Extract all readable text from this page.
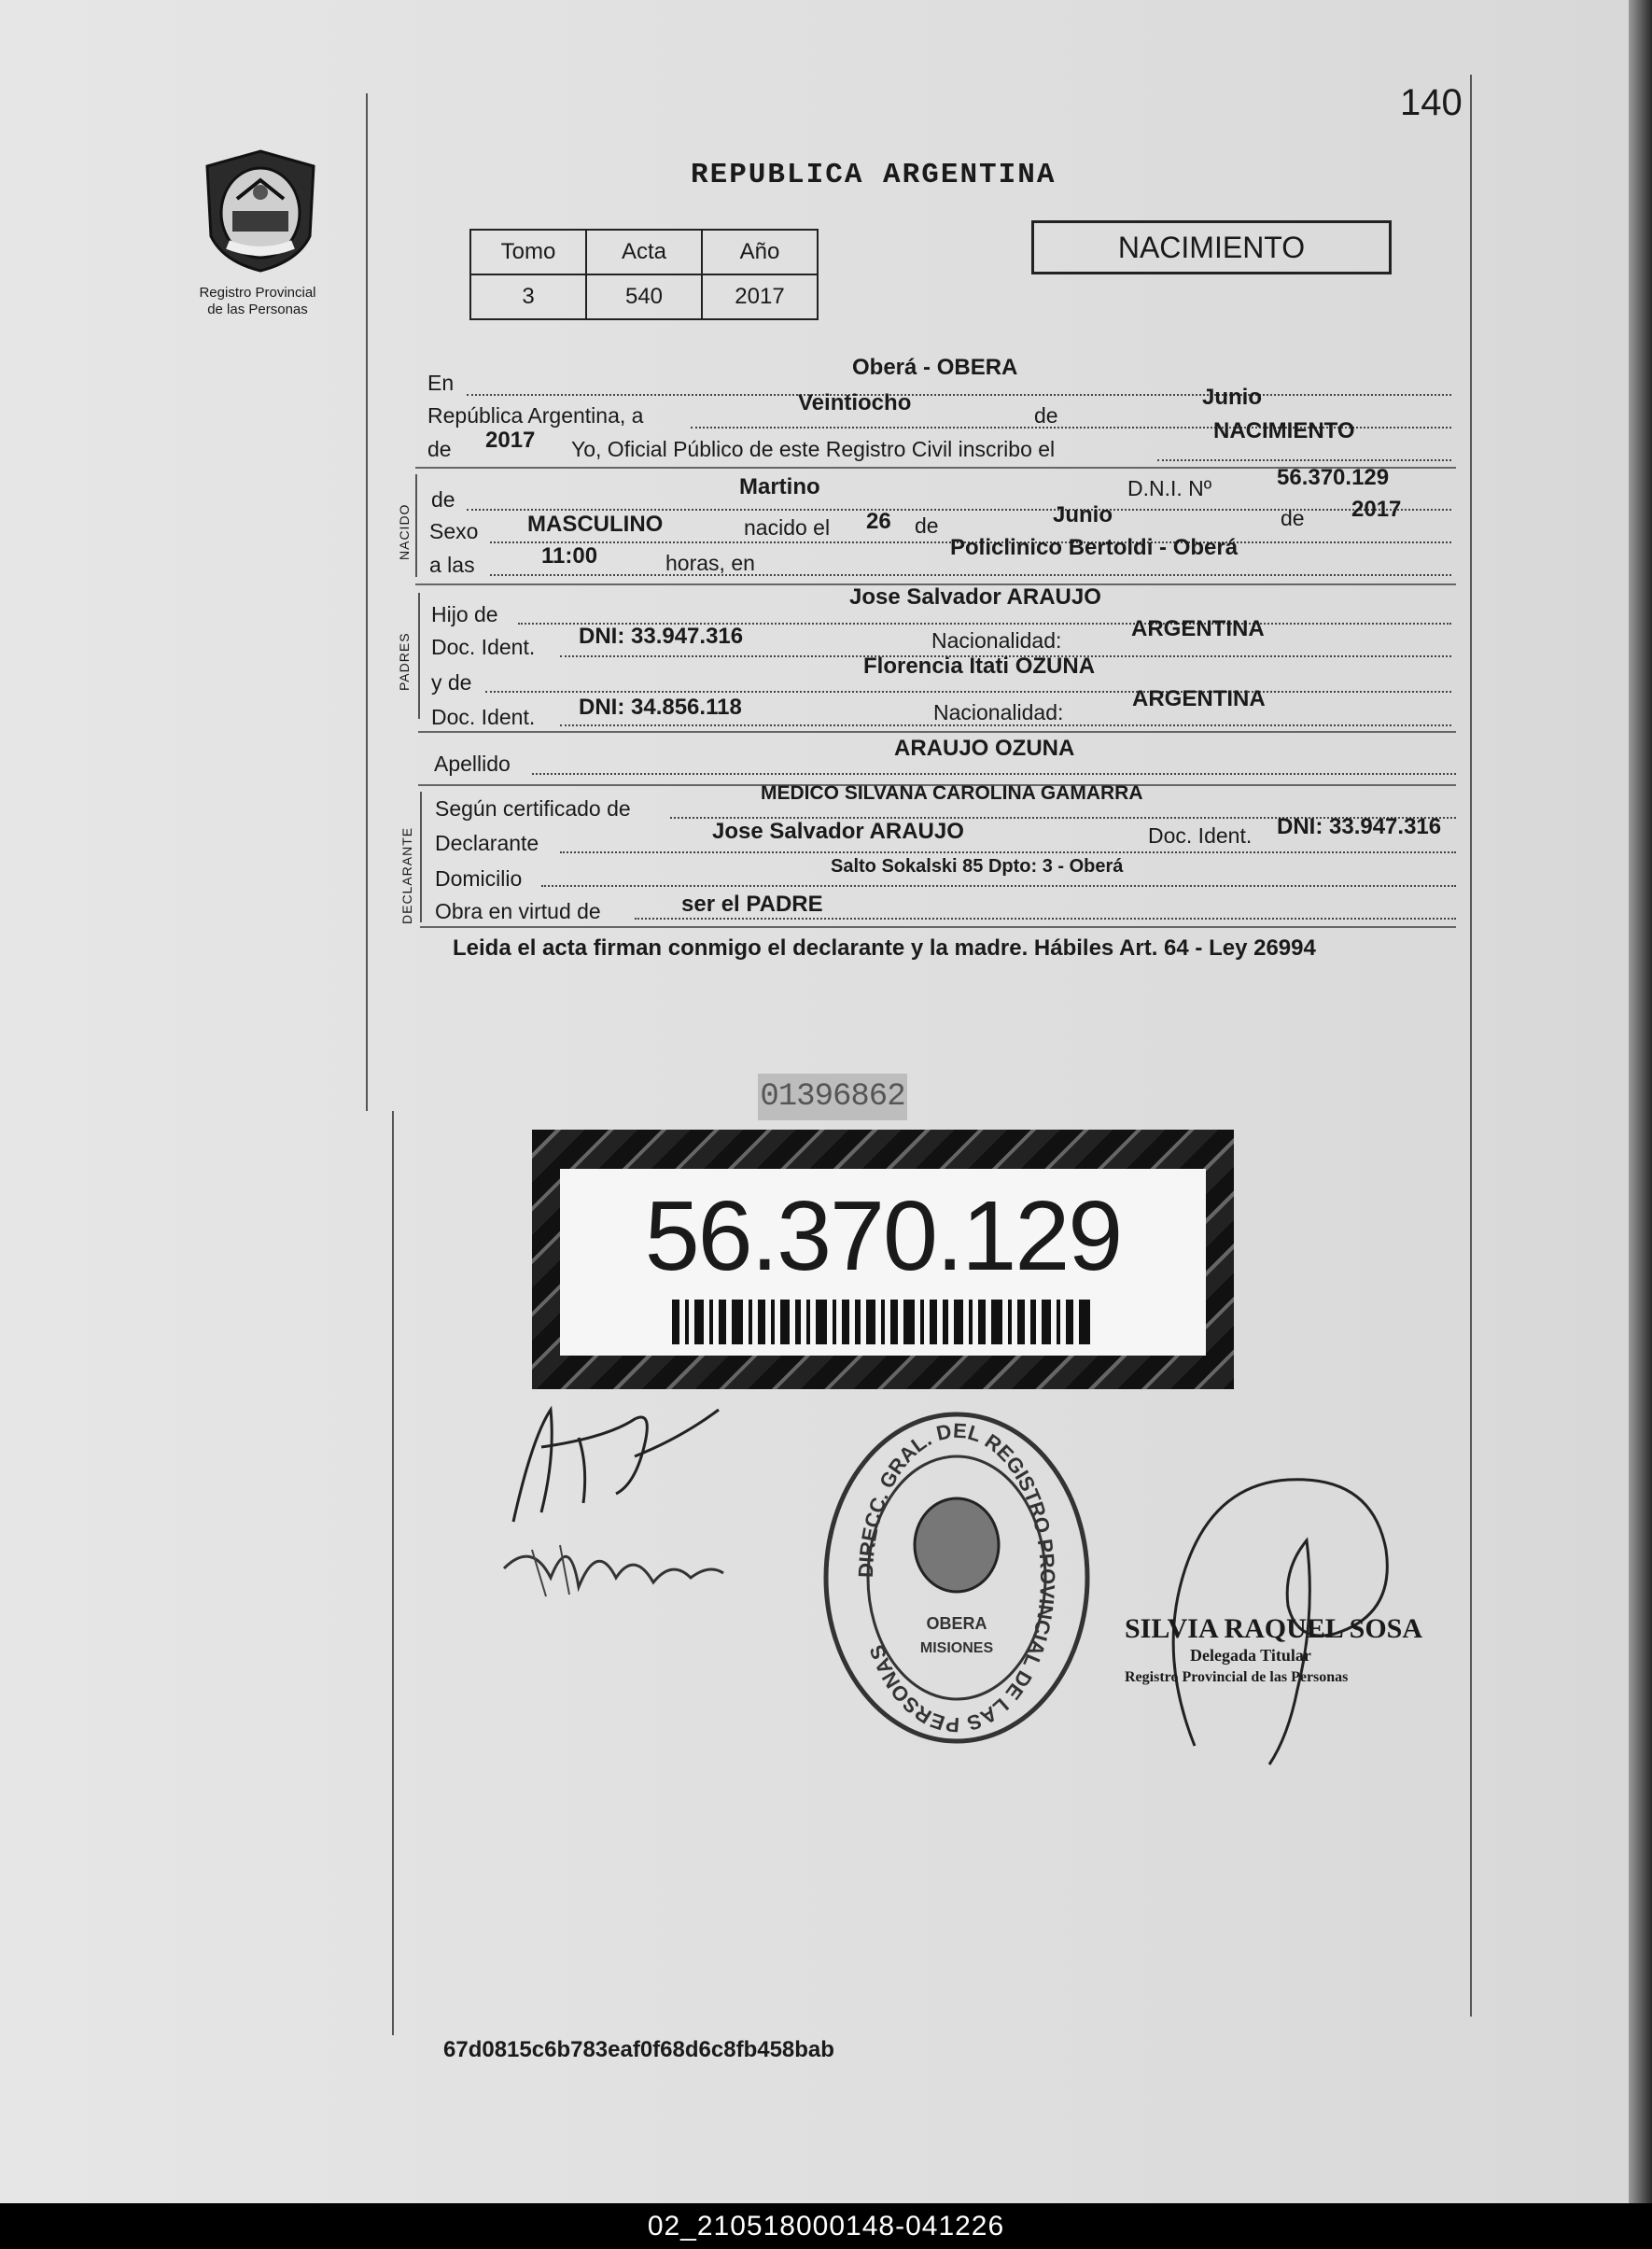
140
Registro Provincial
de las Personas
REPUBLICA ARGENTINA
Tomo	Acta	Año
3	540	2017
NACIMIENTO
En
Oberá - OBERA
República Argentina, a	Veintiocho	de
Junio
de 2017 Yo, Oficial Público de este Registro Civil inscribo el
NACIMIENTO
NACIDO
de	Martino	D.N.I. Nº	56.370.129
Sexo MASCULINO	nacido el 26 de	Junio	de 2017
a las	11:00	horas, en
Policlinico Bertoldi - Oberá
PADRES
Hijo de
Jose Salvador ARAUJO
Doc. Ident. DNI: 33.947.316	Nacionalidad:	ARGENTINA
y de
Florencia Itati OZUNA
Doc. Ident. DNI: 34.856.118	Nacionalidad:
ARGENTINA
Apellido
ARAUJO OZUNA
DECLARANTE
Según certificado de
MEDICO SILVANA CAROLINA GAMARRA
Declarante	Jose Salvador ARAUJO	Doc. Ident. DNI: 33.947.316
Domicilio	Salto Sokalski 85 Dpto: 3 - Oberá
Obra en virtud de	ser el PADRE
Leida el acta firman conmigo el declarante y la madre. Hábiles Art. 64 - Ley 26994
01396862
56.370.129
DIRECC. GRAL. DEL REGISTRO PROVINCIAL DE LAS PERSONAS
OBERA
MISIONES
SILVIA RAQUEL SOSA
Delegada Titular
Registro Provincial de las Personas
67d0815c6b783eaf0f68d6c8fb458bab
02_210518000148-041226
